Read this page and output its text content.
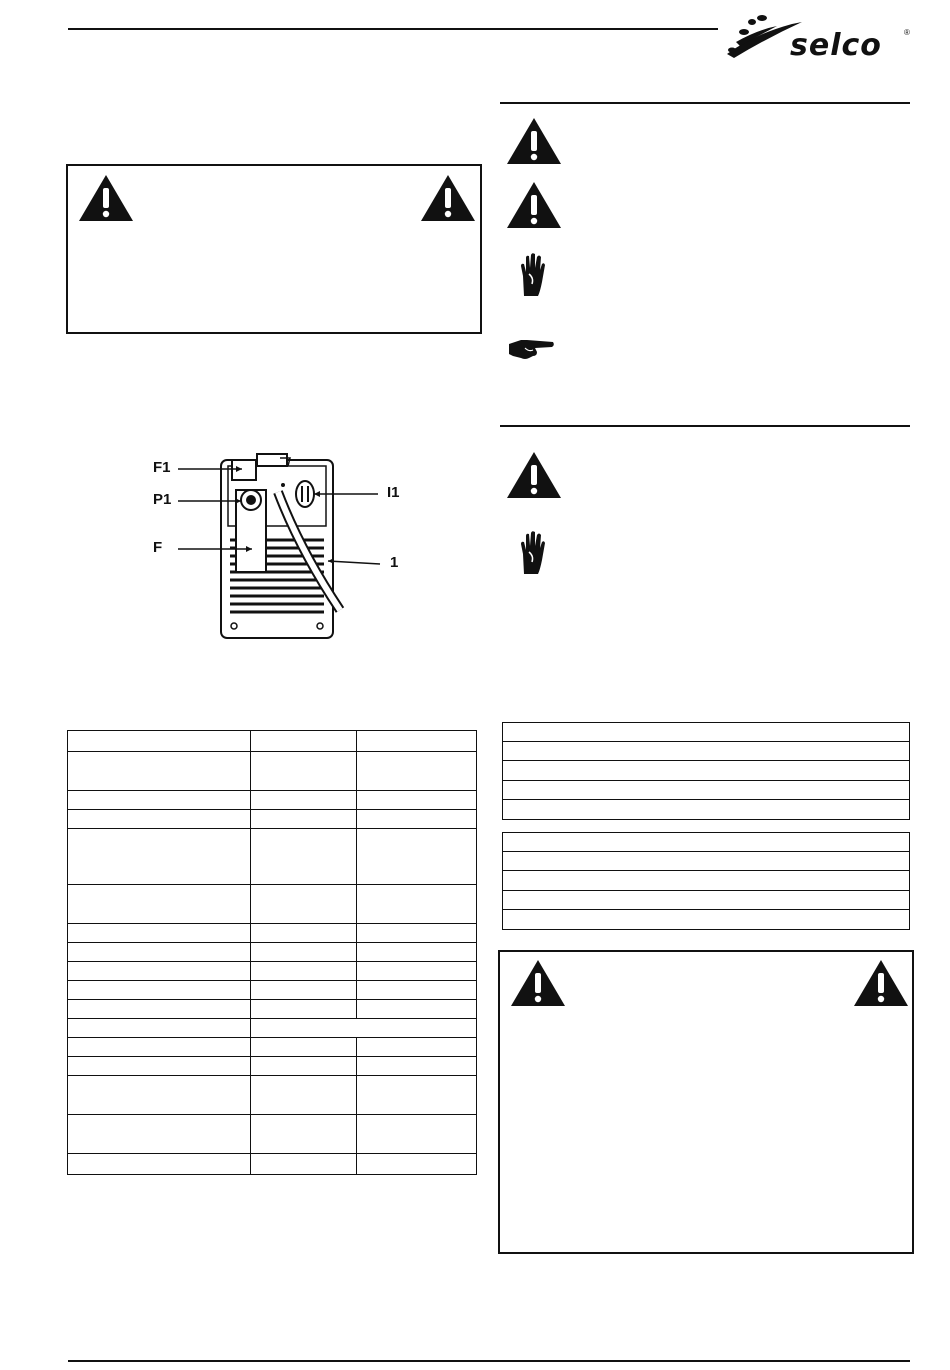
selco	®
F1
P1
F
I1
1
